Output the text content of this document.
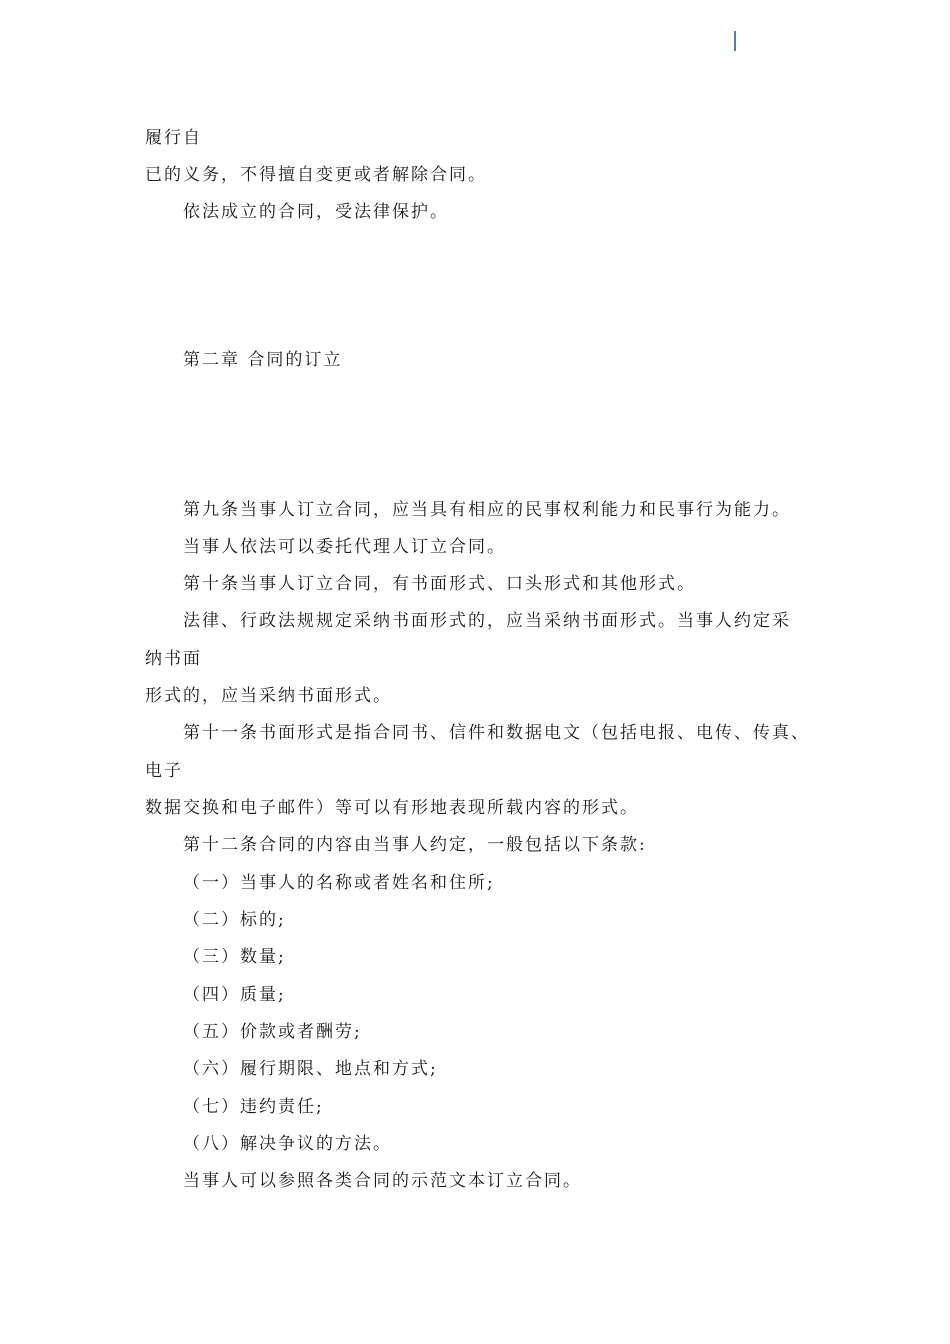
履行自

已的义务，不得擅自变更或者解除合同。

依法成立的合同，受法律保护。

第二章 合同的订立

第九条当事人订立合同，应当具有相应的民事权利能力和民事行为能力。

当事人依法可以委托代理人订立合同。

第十条当事人订立合同，有书面形式、口头形式和其他形式。

法律、行政法规规定采纳书面形式的，应当采纳书面形式。当事人约定采

纳书面

形式的，应当采纳书面形式。

第十一条书面形式是指合同书、信件和数据电文（包括电报、电传、传真、

电子

数据交换和电子邮件）等可以有形地表现所载内容的形式。

第十二条合同的内容由当事人约定，一般包括以下条款:

（一）当事人的名称或者姓名和住所;

（二）标的;

（三）数量;

（四）质量;

（五）价款或者酬劳;

（六）履行期限、地点和方式;

（七）违约责任;

（八）解决争议的方法。

当事人可以参照各类合同的示范文本订立合同。
